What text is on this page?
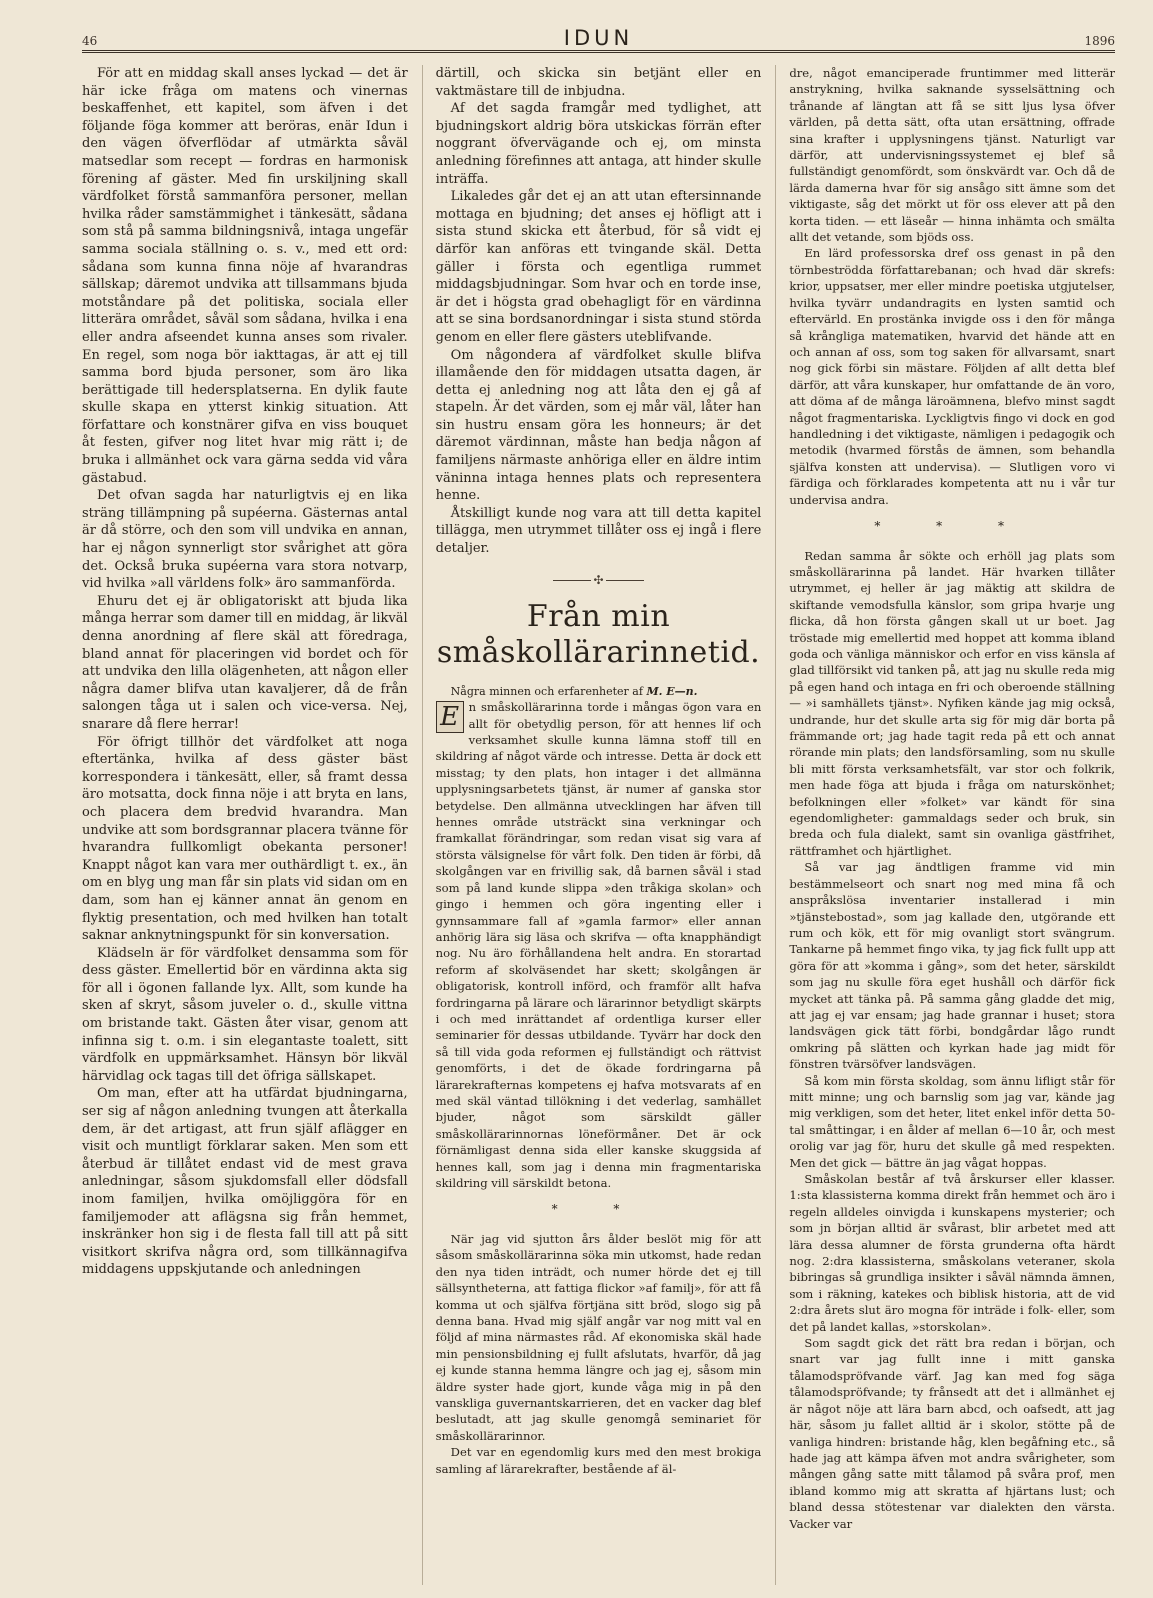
46	IDUN	1896

För att en middag skall anses lyckad — det är här icke fråga om matens och vinernas beskaffenhet, ett kapitel, som äfven i det följande föga kommer att beröras, enär Idun i den vägen öfverflödar af utmärkta såväl matsedlar som recept — fordras en harmonisk förening af gäster. Med fin urskiljning skall värdfolket förstå sammanföra personer, mellan hvilka råder samstämmighet i tänkesätt, sådana som stå på samma bildningsnivå, intaga ungefär samma sociala ställning o. s. v., med ett ord: sådana som kunna finna nöje af hvarandras sällskap; däremot undvika att tillsammans bjuda motståndare på det politiska, sociala eller litterära området, såväl som sådana, hvilka i ena eller andra afseendet kunna anses som rivaler. En regel, som noga bör iakttagas, är att ej till samma bord bjuda personer, som äro lika berättigade till hedersplatserna. En dylik faute skulle skapa en ytterst kinkig situation. Att författare och konstnärer gifva en viss bouquet åt festen, gifver nog litet hvar mig rätt i; de bruka i allmänhet ock vara gärna sedda vid våra gästabud.

Det ofvan sagda har naturligtvis ej en lika sträng tillämpning på supéerna. Gästernas antal är då större, och den som vill undvika en annan, har ej någon synnerligt stor svårighet att göra det. Också bruka supéerna vara stora notvarp, vid hvilka »all världens folk» äro sammanförda.

Ehuru det ej är obligatoriskt att bjuda lika många herrar som damer till en middag, är likväl denna anordning af flere skäl att föredraga, bland annat för placeringen vid bordet och för att undvika den lilla olägenheten, att någon eller några damer blifva utan kavaljerer, då de från salongen tåga ut i salen och vice-versa. Nej, snarare då flere herrar!

För öfrigt tillhör det värdfolket att noga eftertänka, hvilka af dess gäster bäst korrespondera i tänkesätt, eller, så framt dessa äro motsatta, dock finna nöje i att bryta en lans, och placera dem bredvid hvarandra. Man undvike att som bordsgrannar placera tvänne för hvarandra fullkomligt obekanta personer! Knappt något kan vara mer outhärdligt t. ex., än om en blyg ung man får sin plats vid sidan om en dam, som han ej känner annat än genom en flyktig presentation, och med hvilken han totalt saknar anknytningspunkt för sin konversation.

Klädseln är för värdfolket densamma som för dess gäster. Emellertid bör en värdinna akta sig för all i ögonen fallande lyx. Allt, som kunde ha sken af skryt, såsom juveler o. d., skulle vittna om bristande takt. Gästen åter visar, genom att infinna sig t. o.m. i sin elegantaste toalett, sitt värdfolk en uppmärksamhet. Hänsyn bör likväl härvidlag ock tagas till det öfriga sällskapet.

Om man, efter att ha utfärdat bjudningarna, ser sig af någon anledning tvungen att återkalla dem, är det artigast, att frun själf aflägger en visit och muntligt förklarar saken. Men som ett återbud är tillåtet endast vid de mest grava anledningar, såsom sjukdomsfall eller dödsfall inom familjen, hvilka omöjliggöra för en familjemoder att aflägsna sig från hemmet, inskränker hon sig i de flesta fall till att på sitt visitkort skrifva några ord, som tillkännagifva middagens uppskjutande och anledningen

därtill, och skicka sin betjänt eller en vaktmästare till de inbjudna.

Af det sagda framgår med tydlighet, att bjudningskort aldrig böra utskickas förrän efter noggrant öfvervägande och ej, om minsta anledning förefinnes att antaga, att hinder skulle inträffa.

Likaledes går det ej an att utan eftersinnande mottaga en bjudning; det anses ej höfligt att i sista stund skicka ett återbud, för så vidt ej därför kan anföras ett tvingande skäl. Detta gäller i första och egentliga rummet middagsbjudningar. Som hvar och en torde inse, är det i högsta grad obehagligt för en värdinna att se sina bordsanordningar i sista stund störda genom en eller flere gästers uteblifvande.

Om någondera af värdfolket skulle blifva illamående den för middagen utsatta dagen, är detta ej anledning nog att låta den ej gå af stapeln. Är det värden, som ej mår väl, låter han sin hustru ensam göra les honneurs; är det däremot värdinnan, måste han bedja någon af familjens närmaste anhöriga eller en äldre intim väninna intaga hennes plats och representera henne.

Åtskilligt kunde nog vara att till detta kapitel tillägga, men utrymmet tillåter oss ej ingå i flere detaljer.

✣
Från min småskollärarinnetid.

Några minnen och erfarenheter af M. E—n.

E n småskollärarinna torde i mångas ögon vara en allt för obetydlig person, för att hennes lif och verksamhet skulle kunna lämna stoff till en skildring af något värde och intresse. Detta är dock ett misstag; ty den plats, hon intager i det allmänna upplysningsarbetets tjänst, är numer af ganska stor betydelse. Den allmänna utvecklingen har äfven till hennes område utsträckt sina verkningar och framkallat förändringar, som redan visat sig vara af största välsignelse för vårt folk. Den tiden är förbi, då skolgången var en frivillig sak, då barnen såväl i stad som på land kunde slippa »den tråkiga skolan» och gingo i hemmen och göra ingenting eller i gynnsammare fall af »gamla farmor» eller annan anhörig lära sig läsa och skrifva — ofta knapphändigt nog. Nu äro förhållandena helt andra. En storartad reform af skolväsendet har skett; skolgången är obligatorisk, kontroll införd, och framför allt hafva fordringarna på lärare och lärarinnor betydligt skärpts i och med inrättandet af ordentliga kurser eller seminarier för dessas utbildande. Tyvärr har dock den så till vida goda reformen ej fullständigt och rättvist genomförts, i det de ökade fordringarna på lärarekrafternas kompetens ej hafva motsvarats af en med skäl väntad tillökning i det vederlag, samhället bjuder, något som särskildt gäller småskollärarinnornas löneförmåner. Det är ock förnämligast denna sida eller kanske skuggsida af hennes kall, som jag i denna min fragmentariska skildring vill särskildt betona.

* *

När jag vid sjutton års ålder beslöt mig för att såsom småskollärarinna söka min utkomst, hade redan den nya tiden inträdt, och numer hörde det ej till sällsyntheterna, att fattiga flickor »af familj», för att få komma ut och själfva förtjäna sitt bröd, slogo sig på denna bana. Hvad mig själf angår var nog mitt val en följd af mina närmastes råd. Af ekonomiska skäl hade min pensionsbildning ej fullt afslutats, hvarför, då jag ej kunde stanna hemma längre och jag ej, såsom min äldre syster hade gjort, kunde våga mig in på den vanskliga guvernantskarrieren, det en vacker dag blef beslutadt, att jag skulle genomgå seminariet för småskollärarinnor.

Det var en egendomlig kurs med den mest brokiga samling af lärarekrafter, bestående af äl-

dre, något emanciperade fruntimmer med litterär anstrykning, hvilka saknande sysselsättning och trånande af längtan att få se sitt ljus lysa öfver världen, på detta sätt, ofta utan ersättning, offrade sina krafter i upplysningens tjänst. Naturligt var därför, att undervisningssystemet ej blef så fullständigt genomfördt, som önskvärdt var. Och då de lärda damerna hvar för sig ansågo sitt ämne som det viktigaste, såg det mörkt ut för oss elever att på den korta tiden. — ett läseår — hinna inhämta och smälta allt det vetande, som bjöds oss.

En lärd professorska dref oss genast in på den törnbeströdda författarebanan; och hvad där skrefs: krior, uppsatser, mer eller mindre poetiska utgjutelser, hvilka tyvärr undandragits en lysten samtid och eftervärld. En prostänka invigde oss i den för många så krångliga matematiken, hvarvid det hände att en och annan af oss, som tog saken för allvarsamt, snart nog gick förbi sin mästare. Följden af allt detta blef därför, att våra kunskaper, hur omfattande de än voro, att döma af de många läroämnena, blefvo minst sagdt något fragmentariska. Lyckligtvis fingo vi dock en god handledning i det viktigaste, nämligen i pedagogik och metodik (hvarmed förstås de ämnen, som behandla själfva konsten att undervisa). — Slutligen voro vi färdiga och förklarades kompetenta att nu i vår tur undervisa andra.

* * *

Redan samma år sökte och erhöll jag plats som småskollärarinna på landet. Här hvarken tillåter utrymmet, ej heller är jag mäktig att skildra de skiftande vemodsfulla känslor, som gripa hvarje ung flicka, då hon första gången skall ut ur boet. Jag tröstade mig emellertid med hoppet att komma ibland goda och vänliga människor och erfor en viss känsla af glad tillförsikt vid tanken på, att jag nu skulle reda mig på egen hand och intaga en fri och oberoende ställning — »i samhällets tjänst». Nyfiken kände jag mig också, undrande, hur det skulle arta sig för mig där borta på främmande ort; jag hade tagit reda på ett och annat rörande min plats; den landsförsamling, som nu skulle bli mitt första verksamhetsfält, var stor och folkrik, men hade föga att bjuda i fråga om naturskönhet; befolkningen eller »folket» var kändt för sina egendomligheter: gammaldags seder och bruk, sin breda och fula dialekt, samt sin ovanliga gästfrihet, rättframhet och hjärtlighet.

Så var jag ändtligen framme vid min bestämmelseort och snart nog med mina få och anspråkslösa inventarier installerad i min »tjänstebostad», som jag kallade den, utgörande ett rum och kök, ett för mig ovanligt stort svängrum. Tankarne på hemmet fingo vika, ty jag fick fullt upp att göra för att »komma i gång», som det heter, särskildt som jag nu skulle föra eget hushåll och därför fick mycket att tänka på. På samma gång gladde det mig, att jag ej var ensam; jag hade grannar i huset; stora landsvägen gick tätt förbi, bondgårdar lågo rundt omkring på slätten och kyrkan hade jag midt för fönstren tvärsöfver landsvägen.

Så kom min första skoldag, som ännu lifligt står för mitt minne; ung och barnslig som jag var, kände jag mig verkligen, som det heter, litet enkel inför detta 50-tal småttingar, i en ålder af mellan 6—10 år, och mest orolig var jag för, huru det skulle gå med respekten. Men det gick — bättre än jag vågat hoppas.

Småskolan består af två årskurser eller klasser. 1:sta klassisterna komma direkt från hemmet och äro i regeln alldeles oinvigda i kunskapens mysterier; och som jn början alltid är svårast, blir arbetet med att lära dessa alumner de första grunderna ofta härdt nog. 2:dra klassisterna, småskolans veteraner, skola bibringas så grundliga insikter i såväl nämnda ämnen, som i räkning, katekes och biblisk historia, att de vid 2:dra årets slut äro mogna för inträde i folk- eller, som det på landet kallas, »storskolan».

Som sagdt gick det rätt bra redan i början, och snart var jag fullt inne i mitt ganska tålamodspröfvande värf. Jag kan med fog säga tålamodspröfvande; ty frånsedt att det i allmänhet ej är något nöje att lära barn abcd, och oafsedt, att jag här, såsom ju fallet alltid är i skolor, stötte på de vanliga hindren: bristande håg, klen begåfning etc., så hade jag att kämpa äfven mot andra svårigheter, som mången gång satte mitt tålamod på svåra prof, men ibland kommo mig att skratta af hjärtans lust; och bland dessa stötestenar var dialekten den värsta. Vacker var
